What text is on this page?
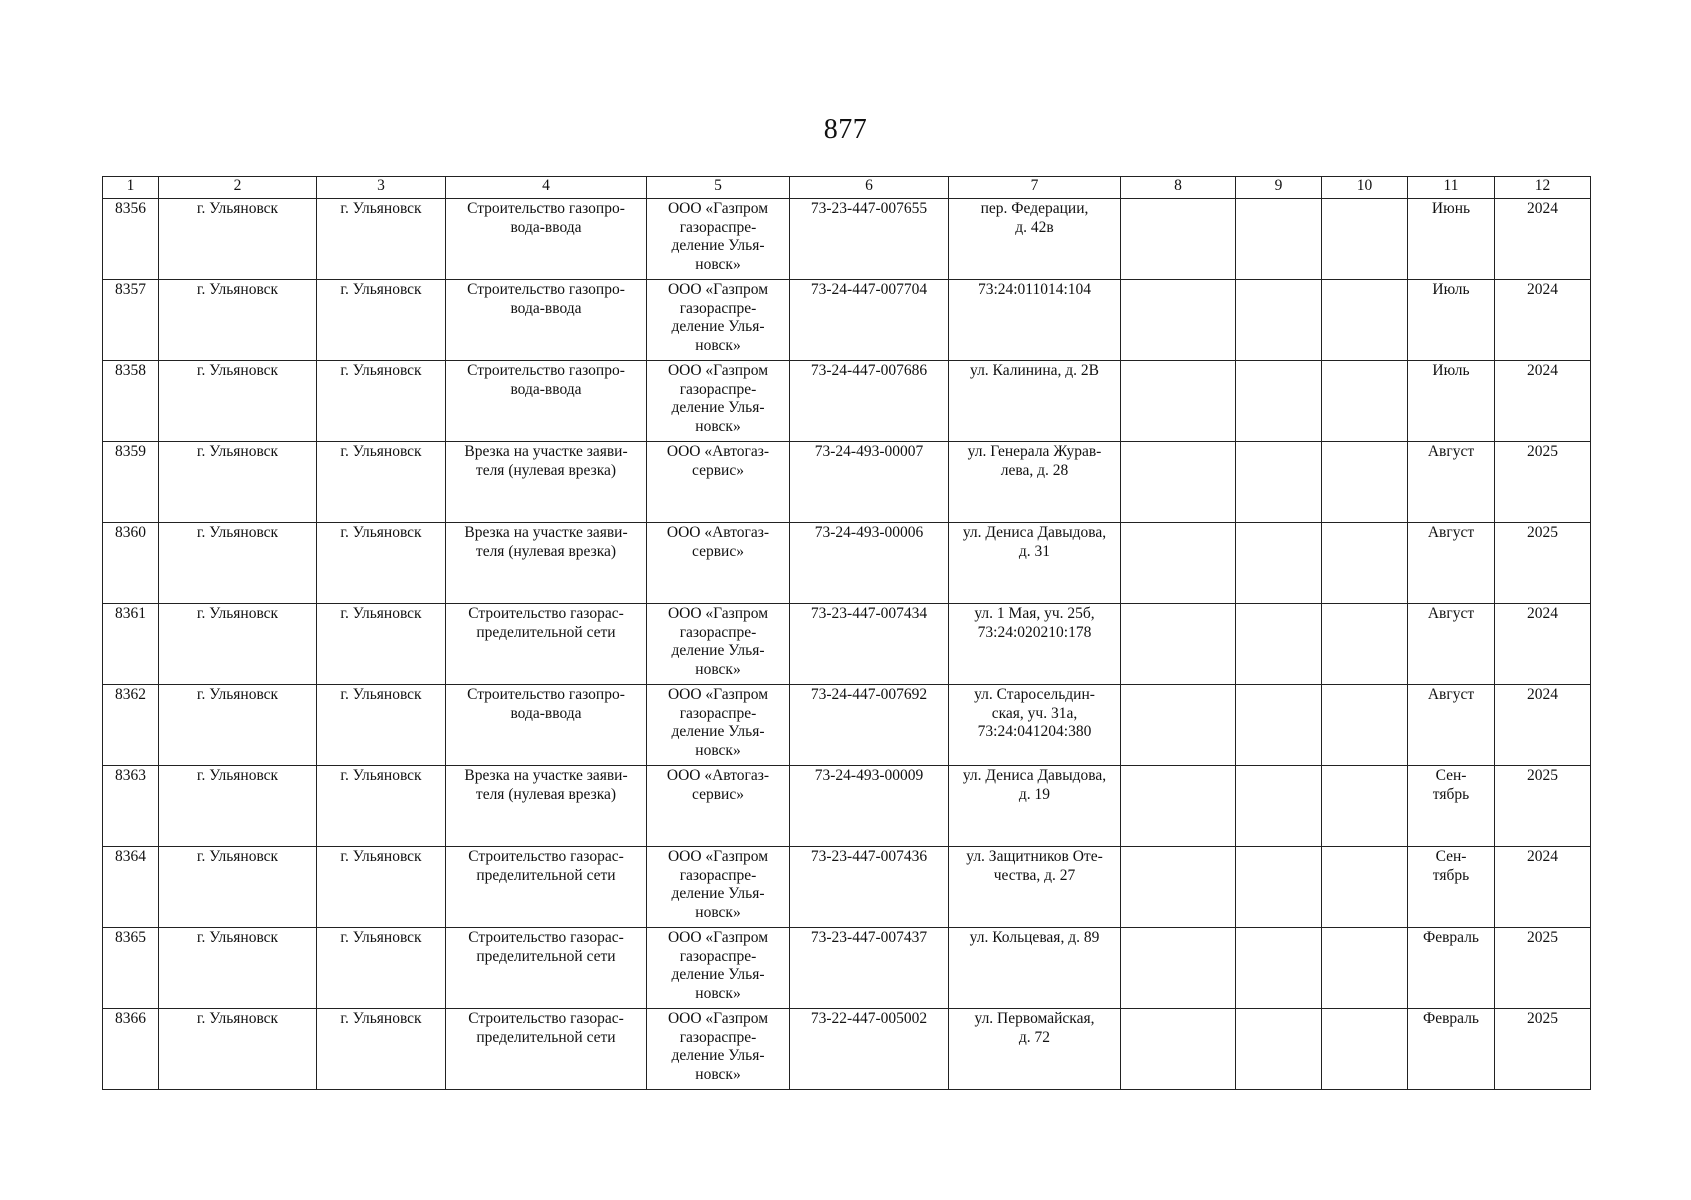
877
1	2	3	4	5	6	7	8	9	10	11	12
8356	г. Ульяновск	г. Ульяновск	Строительство газопро-
вода-ввода	ООО «Газпром
газораспре-
деление Улья-
новск»	73-23-447-007655	пер. Федерации,
д. 42в				Июнь	2024
8357	г. Ульяновск	г. Ульяновск	Строительство газопро-
вода-ввода	ООО «Газпром
газораспре-
деление Улья-
новск»	73-24-447-007704	73:24:011014:104				Июль	2024
8358	г. Ульяновск	г. Ульяновск	Строительство газопро-
вода-ввода	ООО «Газпром
газораспре-
деление Улья-
новск»	73-24-447-007686	ул. Калинина, д. 2В				Июль	2024
8359	г. Ульяновск	г. Ульяновск	Врезка на участке заяви-
теля (нулевая врезка)	ООО «Автогаз-
сервис»	73-24-493-00007	ул. Генерала Журав-
лева, д. 28				Август	2025
8360	г. Ульяновск	г. Ульяновск	Врезка на участке заяви-
теля (нулевая врезка)	ООО «Автогаз-
сервис»	73-24-493-00006	ул. Дениса Давыдова,
д. 31				Август	2025
8361	г. Ульяновск	г. Ульяновск	Строительство газорас-
пределительной сети	ООО «Газпром
газораспре-
деление Улья-
новск»	73-23-447-007434	ул. 1 Мая, уч. 25б,
73:24:020210:178				Август	2024
8362	г. Ульяновск	г. Ульяновск	Строительство газопро-
вода-ввода	ООО «Газпром
газораспре-
деление Улья-
новск»	73-24-447-007692	ул. Старосельдин-
ская, уч. 31а,
73:24:041204:380				Август	2024
8363	г. Ульяновск	г. Ульяновск	Врезка на участке заяви-
теля (нулевая врезка)	ООО «Автогаз-
сервис»	73-24-493-00009	ул. Дениса Давыдова,
д. 19				Сен-
тябрь	2025
8364	г. Ульяновск	г. Ульяновск	Строительство газорас-
пределительной сети	ООО «Газпром
газораспре-
деление Улья-
новск»	73-23-447-007436	ул. Защитников Оте-
чества, д. 27				Сен-
тябрь	2024
8365	г. Ульяновск	г. Ульяновск	Строительство газорас-
пределительной сети	ООО «Газпром
газораспре-
деление Улья-
новск»	73-23-447-007437	ул. Кольцевая, д. 89				Февраль	2025
8366	г. Ульяновск	г. Ульяновск	Строительство газорас-
пределительной сети	ООО «Газпром
газораспре-
деление Улья-
новск»	73-22-447-005002	ул. Первомайская,
д. 72				Февраль	2025
